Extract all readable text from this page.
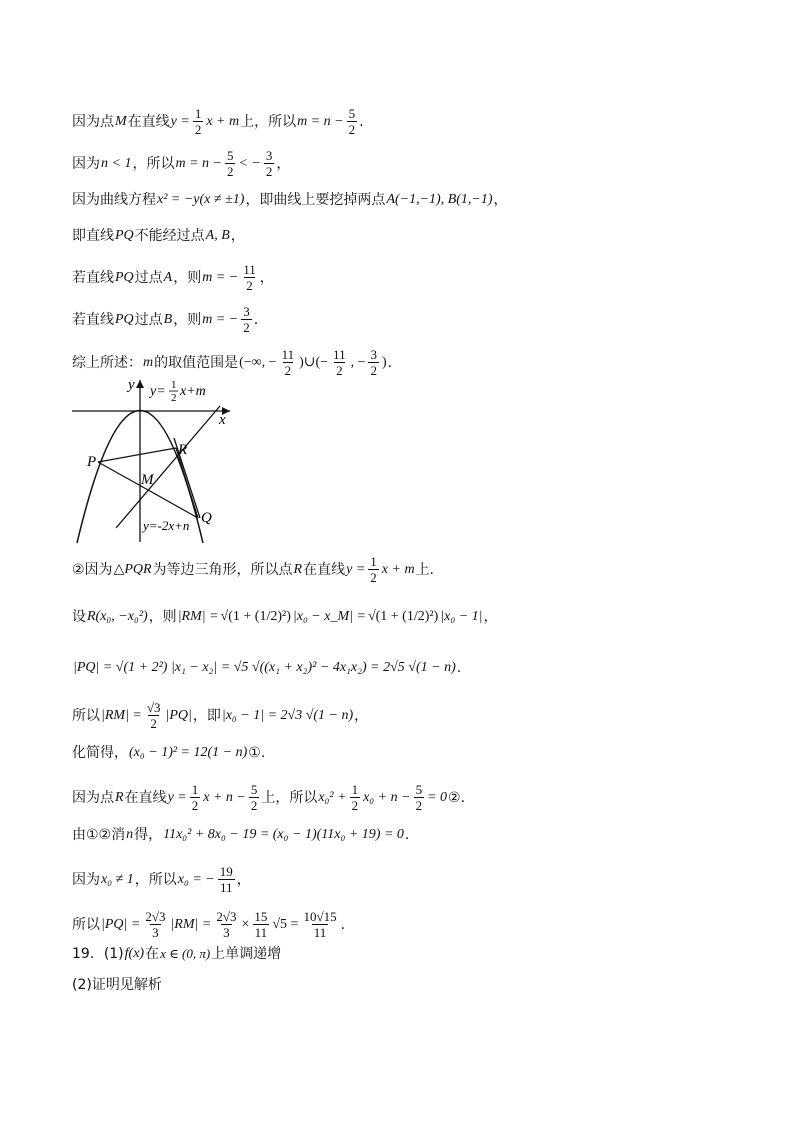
因为点 M 在直线 $y = \frac{1}{2}$ x + m 上，所以 $m = n - \frac{5}{2}$ .
因为 n < 1 ，所以 $m = n - \frac{5}{2}$ < − $\frac{3}{2}$ ，
因为曲线方程 x² = −y(x ≠ ±1) ，即曲线上要挖掉两点 A(−1,−1), B(1,−1) ，
即直线 PQ 不能经过点 A, B ，
若直线 PQ 过点 A ，则 m = − $\frac{11}{2}$ ，
若直线 PQ 过点 B ，则 m = − $\frac{3}{2}$ .
综上所述： m 的取值范围是 (−∞, − $\frac{11}{2}$ )∪(− $\frac{11}{2}$ , − $\frac{3}{2}$ ) .
y
x
y= 1
2 x+m
P
R
M
Q
y=-2x+n
②因为 △PQR 为等边三角形，所以点 R 在直线 $y = \frac{1}{2}$ x + m 上.
设 R(x₀, −x₀²) ，则 |RM| = √(1 + (1/2)²) |x₀ − x_M| = √(1 + (1/2)²) |x₀ − 1| ，
|PQ| = √(1 + 2²) |x₁ − x₂| = √5 √((x₁ + x₂)² − 4x₁x₂) = 2√5 √(1 − n) .
所以 $|RM| = \frac{√3}{2} |PQ|$ ，即 |x₀ − 1| = 2√3 √(1 − n) ，
化简得， (x₀ − 1)² = 12(1 − n) ①.
因为点 R 在直线 $y = \frac{1}{2}$ $x + n - \frac{5}{2}$ 上，所以 $x_0^2 + \frac{1}{2} x_0 + n - \frac{5}{2} = 0$ ②.
由①②消 n 得， 11x₀² + 8x₀ − 19 = (x₀ − 1)(11x₀ + 19) = 0 .
因为 x₀ ≠ 1 ，所以 x₀ = − $\frac{19}{11}$ ，
所以 $|PQ| = \frac{2√3}{3} |RM| = \frac{2√3}{3} \times \frac{15}{11} √5 = \frac{10√15}{11}$ .
19．(1) f(x) 在 x ∈ (0, π) 上单调递增
(2)证明见解析
